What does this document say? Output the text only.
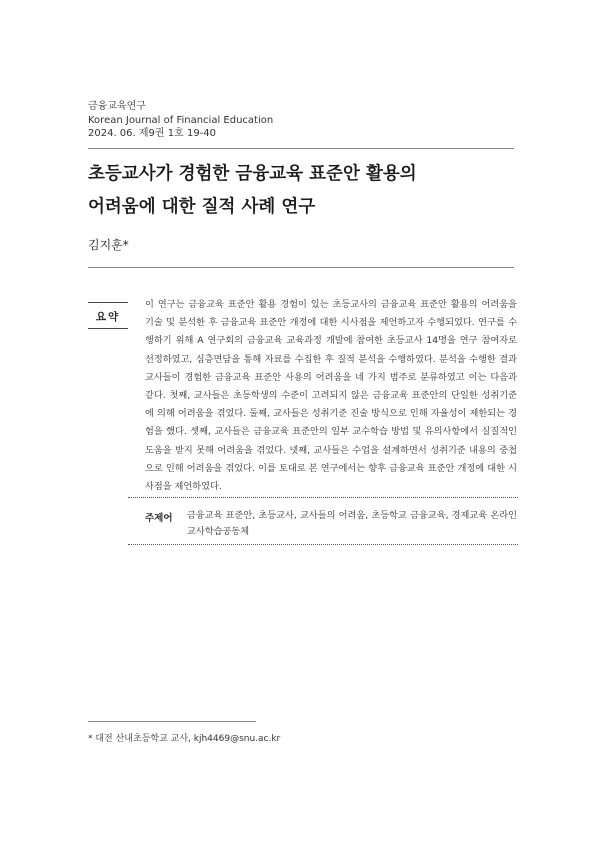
금융교육연구
Korean Journal of Financial Education
2024. 06. 제9권 1호 19-40
초등교사가 경험한 금융교육 표준안 활용의
어려움에 대한 질적 사례 연구
김지훈*
요약

이 연구는 금융교육 표준안 활용 경험이 있는 초등교사의 금융교육 표준안 활용의 어려움을 기술 및 분석한 후 금융교육 표준안 개정에 대한 시사점을 제언하고자 수행되었다. 연구를 수행하기 위해 A 연구회의 금융교육 교육과정 개발에 참여한 초등교사 14명을 연구 참여자로 선정하였고, 심층면담을 통해 자료를 수집한 후 질적 분석을 수행하였다. 분석을 수행한 결과 교사들이 경험한 금융교육 표준안 사용의 어려움을 네 가지 범주로 분류하였고 이는 다음과 같다. 첫째, 교사들은 초등학생의 수준이 고려되지 않은 금융교육 표준안의 단일한 성취기준에 의해 어려움을 겪었다. 둘째, 교사들은 성취기준 진술 방식으로 인해 자율성이 제한되는 경험을 했다. 셋째, 교사들은 금융교육 표준안의 일부 교수학습 방법 및 유의사항에서 실질적인 도움을 받지 못해 어려움을 겪었다. 넷째, 교사들은 수업을 설계하면서 성취기준 내용의 중첩으로 인해 어려움을 겪었다. 이를 토대로 본 연구에서는 향후 금융교육 표준안 개정에 대한 시사점을 제언하였다.

주제어 금융교육 표준안, 초등교사, 교사들의 어려움, 초등학교 금융교육, 경제교육 온라인 교사학습공동체
* 대전 산내초등학교 교사, kjh4469@snu.ac.kr
